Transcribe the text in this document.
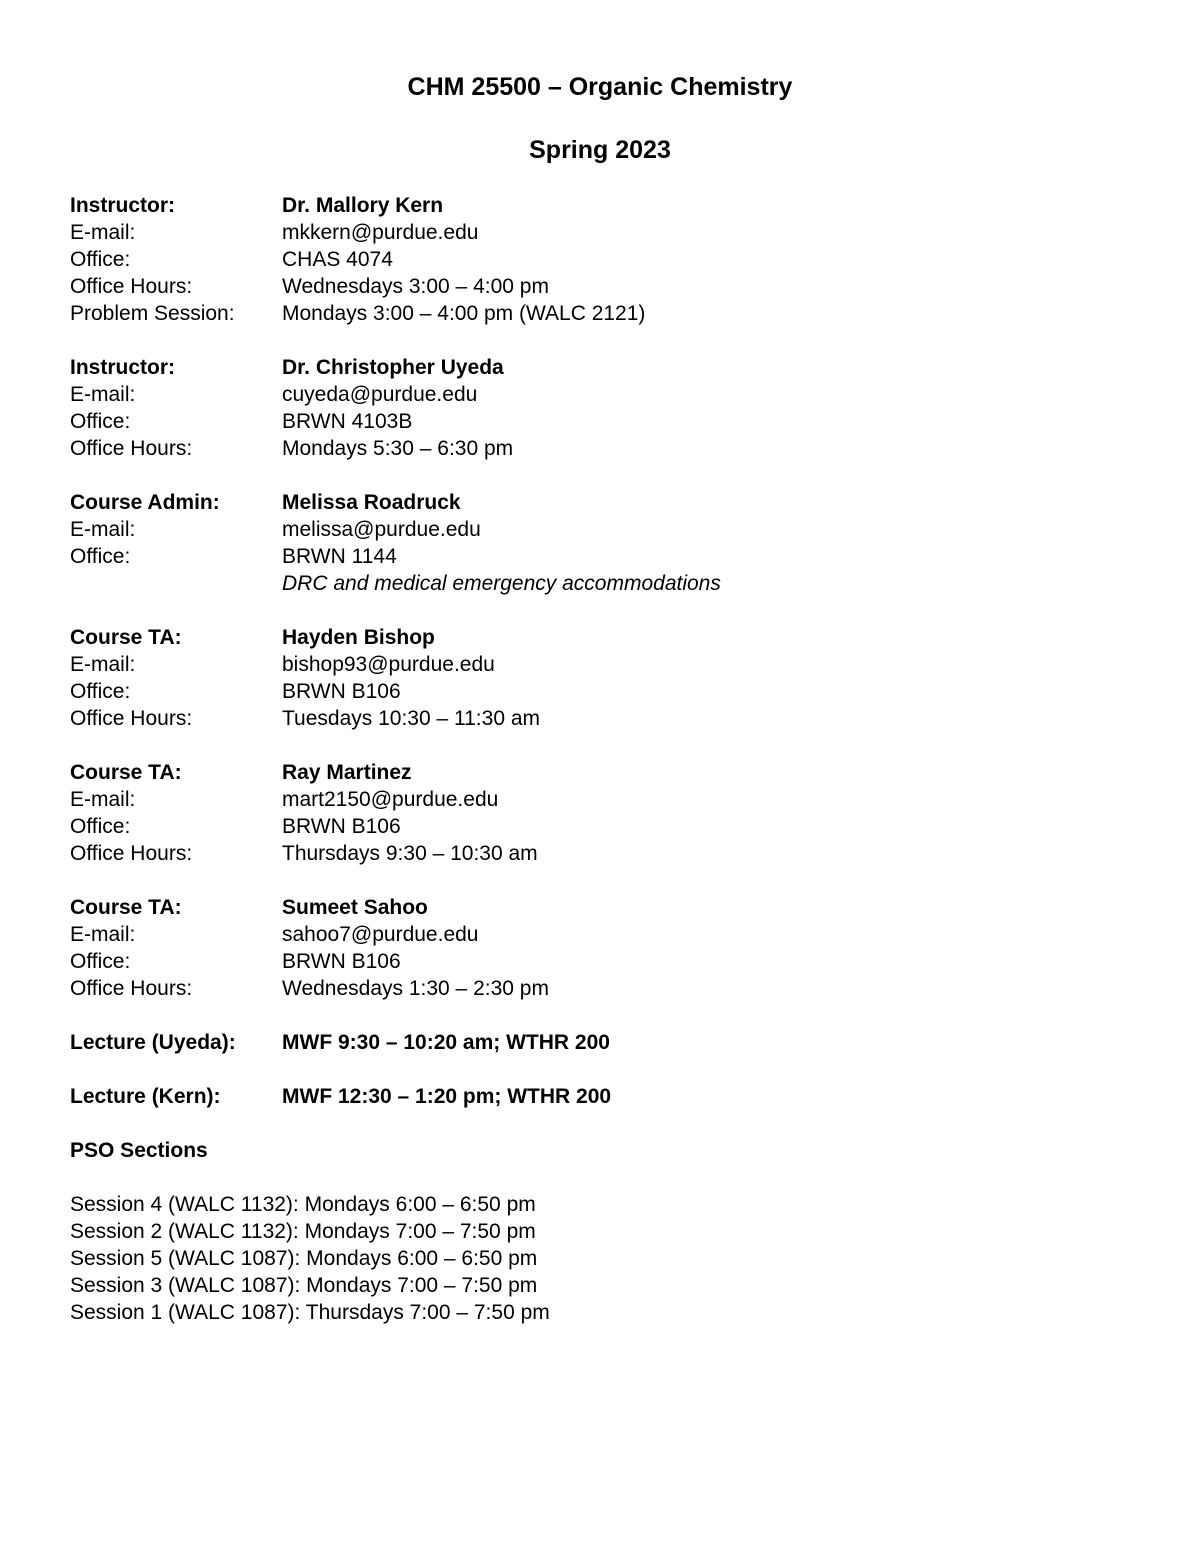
CHM 25500 – Organic Chemistry

Spring 2023

Instructor:	Dr. Mallory Kern
E-mail:	mkkern@purdue.edu
Office:	CHAS 4074
Office Hours:	Wednesdays 3:00 – 4:00 pm
Problem Session:	Mondays 3:00 – 4:00 pm (WALC 2121)
Instructor:	Dr. Christopher Uyeda
E-mail:	cuyeda@purdue.edu
Office:	BRWN 4103B
Office Hours:	Mondays 5:30 – 6:30 pm
Course Admin:	Melissa Roadruck
E-mail:	melissa@purdue.edu
Office:	BRWN 1144
DRC and medical emergency accommodations
Course TA:	Hayden Bishop
E-mail:	bishop93@purdue.edu
Office:	BRWN B106
Office Hours:	Tuesdays 10:30 – 11:30 am
Course TA:	Ray Martinez
E-mail:	mart2150@purdue.edu
Office:	BRWN B106
Office Hours:	Thursdays 9:30 – 10:30 am
Course TA:	Sumeet Sahoo
E-mail:	sahoo7@purdue.edu
Office:	BRWN B106
Office Hours:	Wednesdays 1:30 – 2:30 pm
Lecture (Uyeda):	MWF 9:30 – 10:20 am; WTHR 200
Lecture (Kern):	MWF 12:30 – 1:20 pm; WTHR 200
PSO Sections
Session 4 (WALC 1132): Mondays 6:00 – 6:50 pm
Session 2 (WALC 1132): Mondays 7:00 – 7:50 pm
Session 5 (WALC 1087): Mondays 6:00 – 6:50 pm
Session 3 (WALC 1087): Mondays 7:00 – 7:50 pm
Session 1 (WALC 1087): Thursdays 7:00 – 7:50 pm
